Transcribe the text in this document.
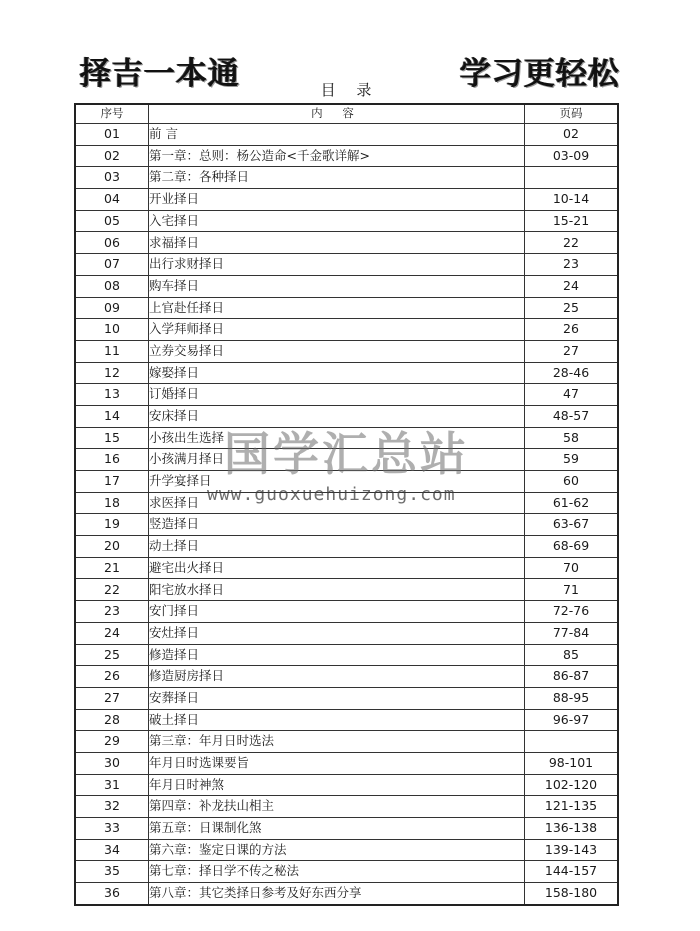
择吉一本通	学习更轻松
目 录
序号	内 容	页码
01	前 言	02
02	第一章：总则：杨公造命<千金歌详解>	03-09
03	第二章：各种择日	
04	开业择日	10-14
05	入宅择日	15-21
06	求福择日	22
07	出行求财择日	23
08	购车择日	24
09	上官赴任择日	25
10	入学拜师择日	26
11	立券交易择日	27
12	嫁娶择日	28-46
13	订婚择日	47
14	安床择日	48-57
15	小孩出生选择	58
16	小孩满月择日	59
17	升学宴择日	60
18	求医择日	61-62
19	竖造择日	63-67
20	动土择日	68-69
21	避宅出火择日	70
22	阳宅放水择日	71
23	安门择日	72-76
24	安灶择日	77-84
25	修造择日	85
26	修造厨房择日	86-87
27	安葬择日	88-95
28	破土择日	96-97
29	第三章：年月日时选法	
30	年月日时选课要旨	98-101
31	年月日时神煞	102-120
32	第四章：补龙扶山相主	121-135
33	第五章：日课制化煞	136-138
34	第六章：鉴定日课的方法	139-143
35	第七章：择日学不传之秘法	144-157
36	第八章：其它类择日参考及好东西分享	158-180
国学汇总站
www.guoxuehuizong.com
